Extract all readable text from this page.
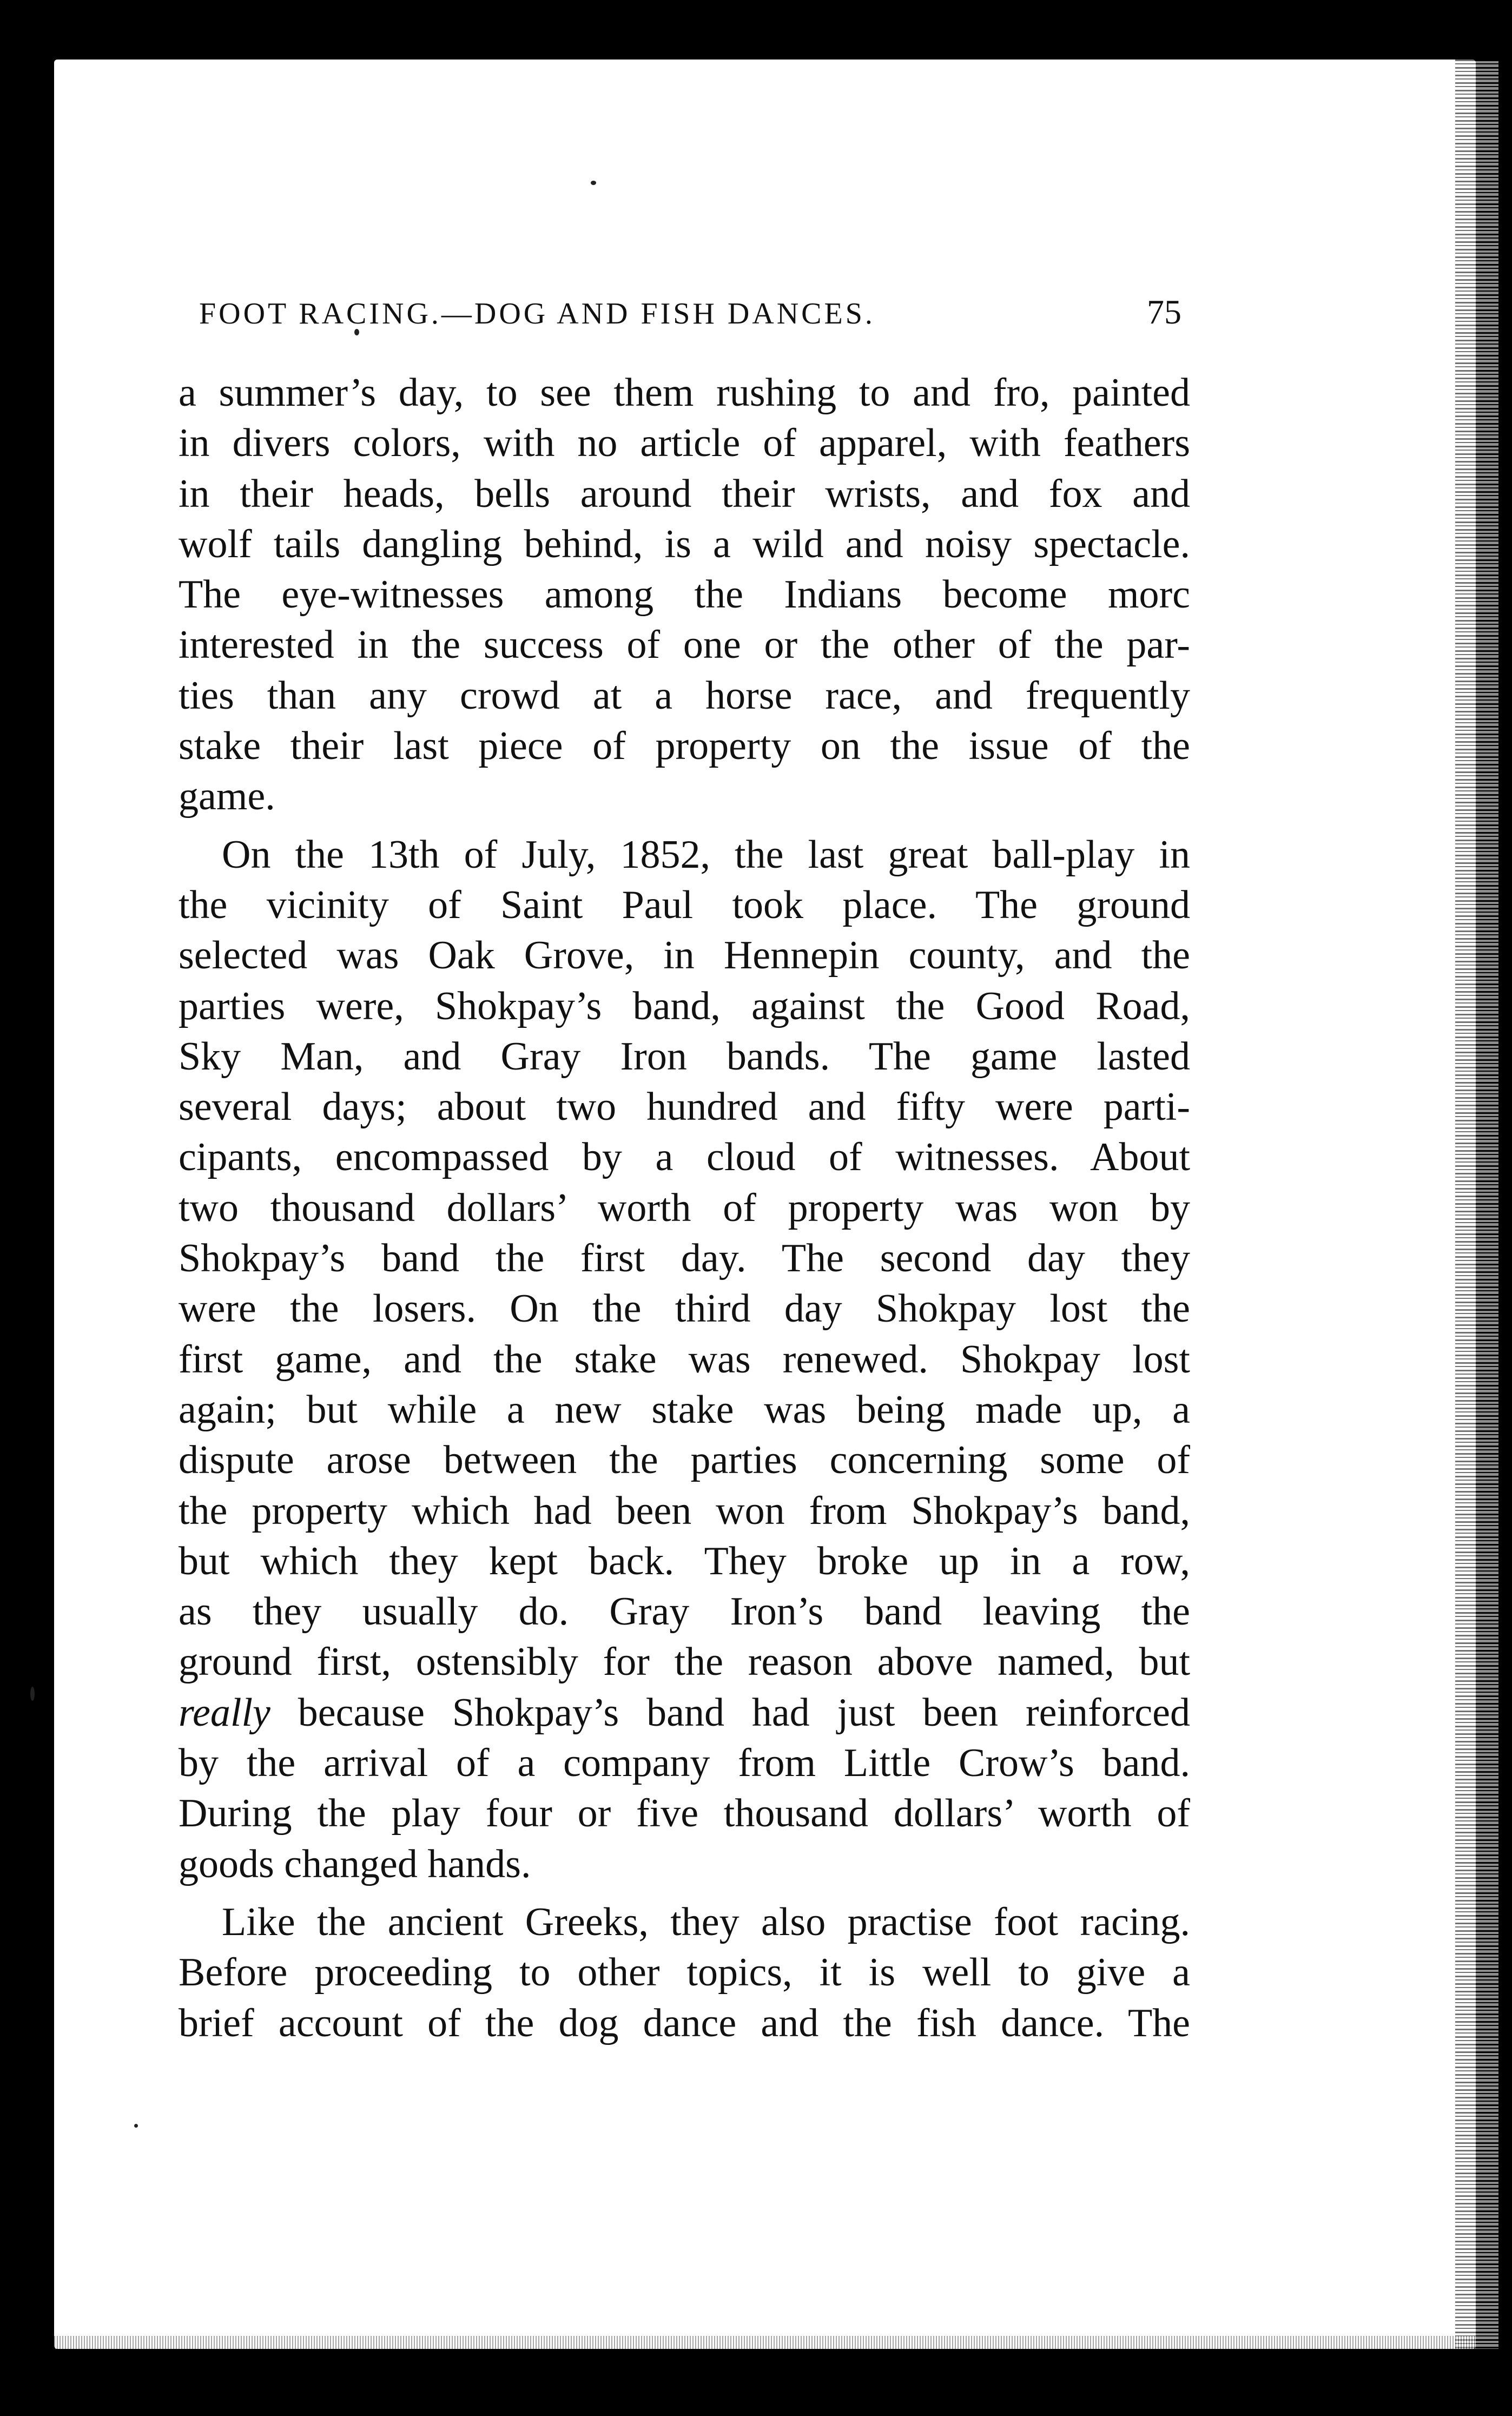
FOOT RACING.—DOG AND FISH DANCES.	75
a summer’s day, to see them rushing to and fro, painted
in divers colors, with no article of apparel, with feathers
in their heads, bells around their wrists, and fox and
wolf tails dangling behind, is a wild and noisy spectacle.
The eye-witnesses among the Indians become morc
interested in the success of one or the other of the par-
ties than any crowd at a horse race, and frequently
stake their last piece of property on the issue of the
game.
On the 13th of July, 1852, the last great ball-play in
the vicinity of Saint Paul took place. The ground
selected was Oak Grove, in Hennepin county, and the
parties were, Shokpay’s band, against the Good Road,
Sky Man, and Gray Iron bands. The game lasted
several days; about two hundred and fifty were parti-
cipants, encompassed by a cloud of witnesses. About
two thousand dollars’ worth of property was won by
Shokpay’s band the first day. The second day they
were the losers. On the third day Shokpay lost the
first game, and the stake was renewed. Shokpay lost
again; but while a new stake was being made up, a
dispute arose between the parties concerning some of
the property which had been won from Shokpay’s band,
but which they kept back. They broke up in a row,
as they usually do. Gray Iron’s band leaving the
ground first, ostensibly for the reason above named, but
really because Shokpay’s band had just been reinforced
by the arrival of a company from Little Crow’s band.
During the play four or five thousand dollars’ worth of
goods changed hands.
Like the ancient Greeks, they also practise foot racing.
Before proceeding to other topics, it is well to give a
brief account of the dog dance and the fish dance. The
